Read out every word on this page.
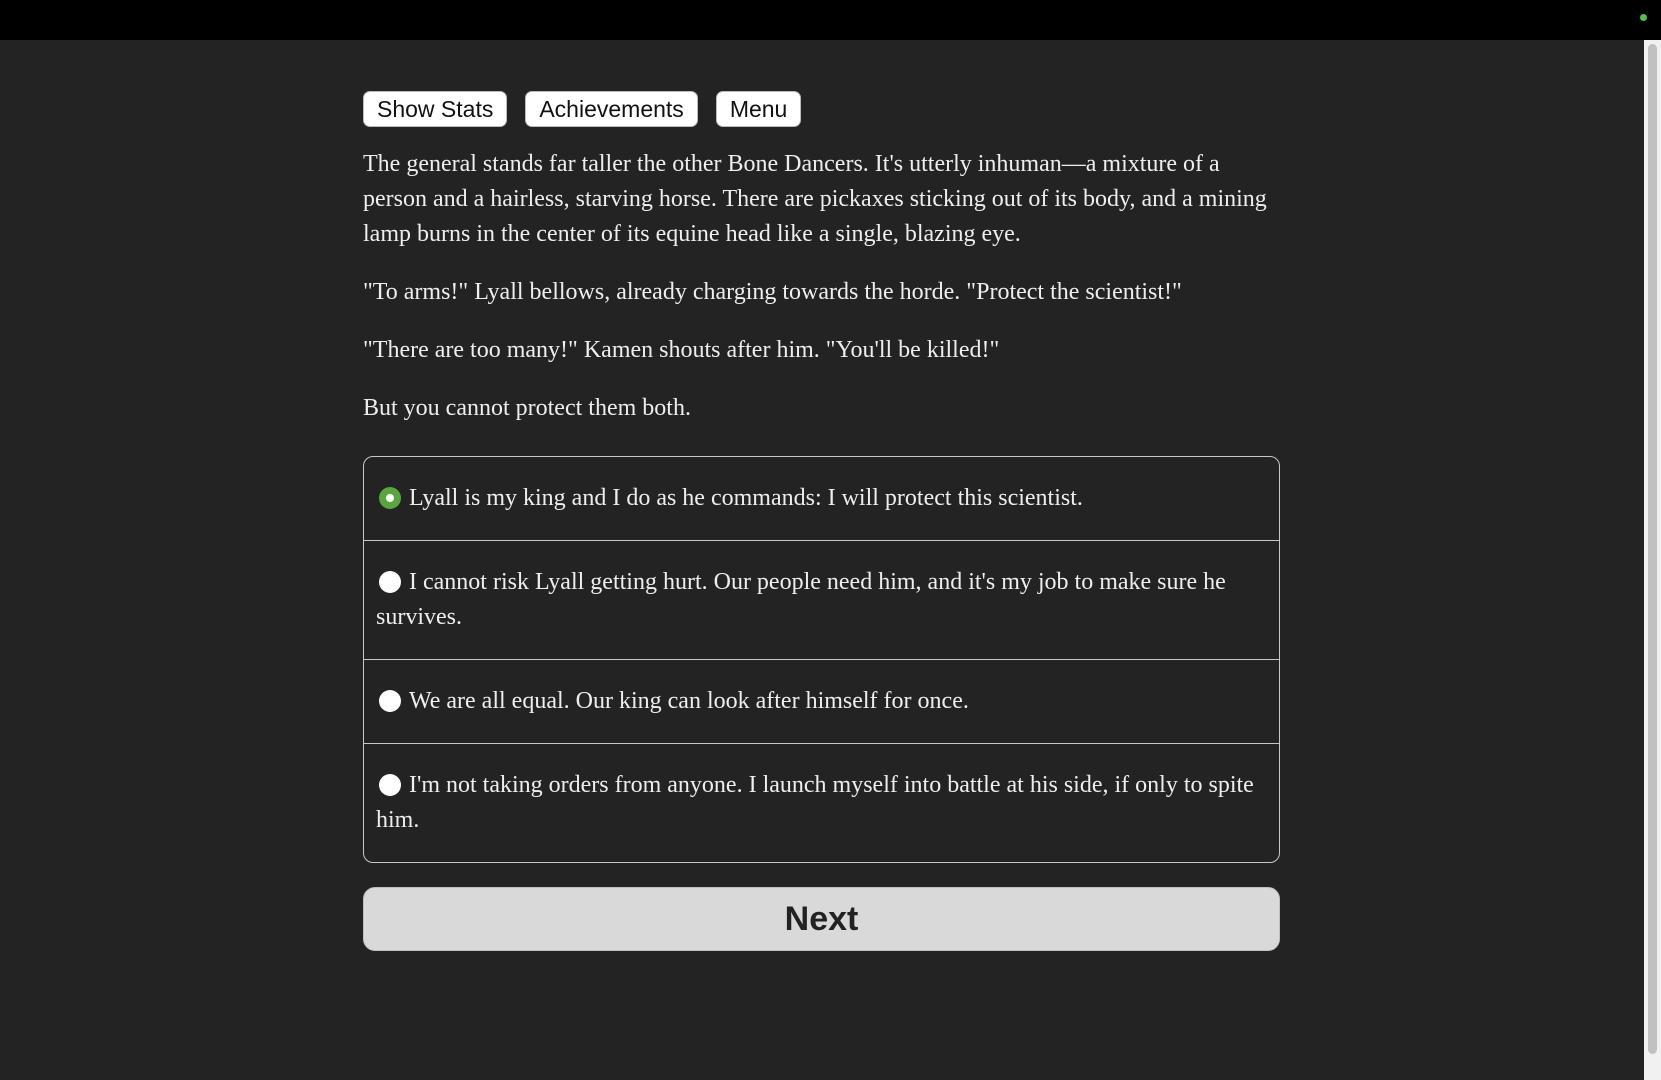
Show Stats	Achievements	Menu

The general stands far taller the other Bone Dancers. It's utterly inhuman—a mixture of a person and a hairless, starving horse. There are pickaxes sticking out of its body, and a mining lamp burns in the center of its equine head like a single, blazing eye.

"To arms!" Lyall bellows, already charging towards the horde. "Protect the scientist!"

"There are too many!" Kamen shouts after him. "You'll be killed!"

But you cannot protect them both.

Lyall is my king and I do as he commands: I will protect this scientist.
I cannot risk Lyall getting hurt. Our people need him, and it's my job to make sure he survives.
We are all equal. Our king can look after himself for once.
I'm not taking orders from anyone. I launch myself into battle at his side, if only to spite him.
Next
